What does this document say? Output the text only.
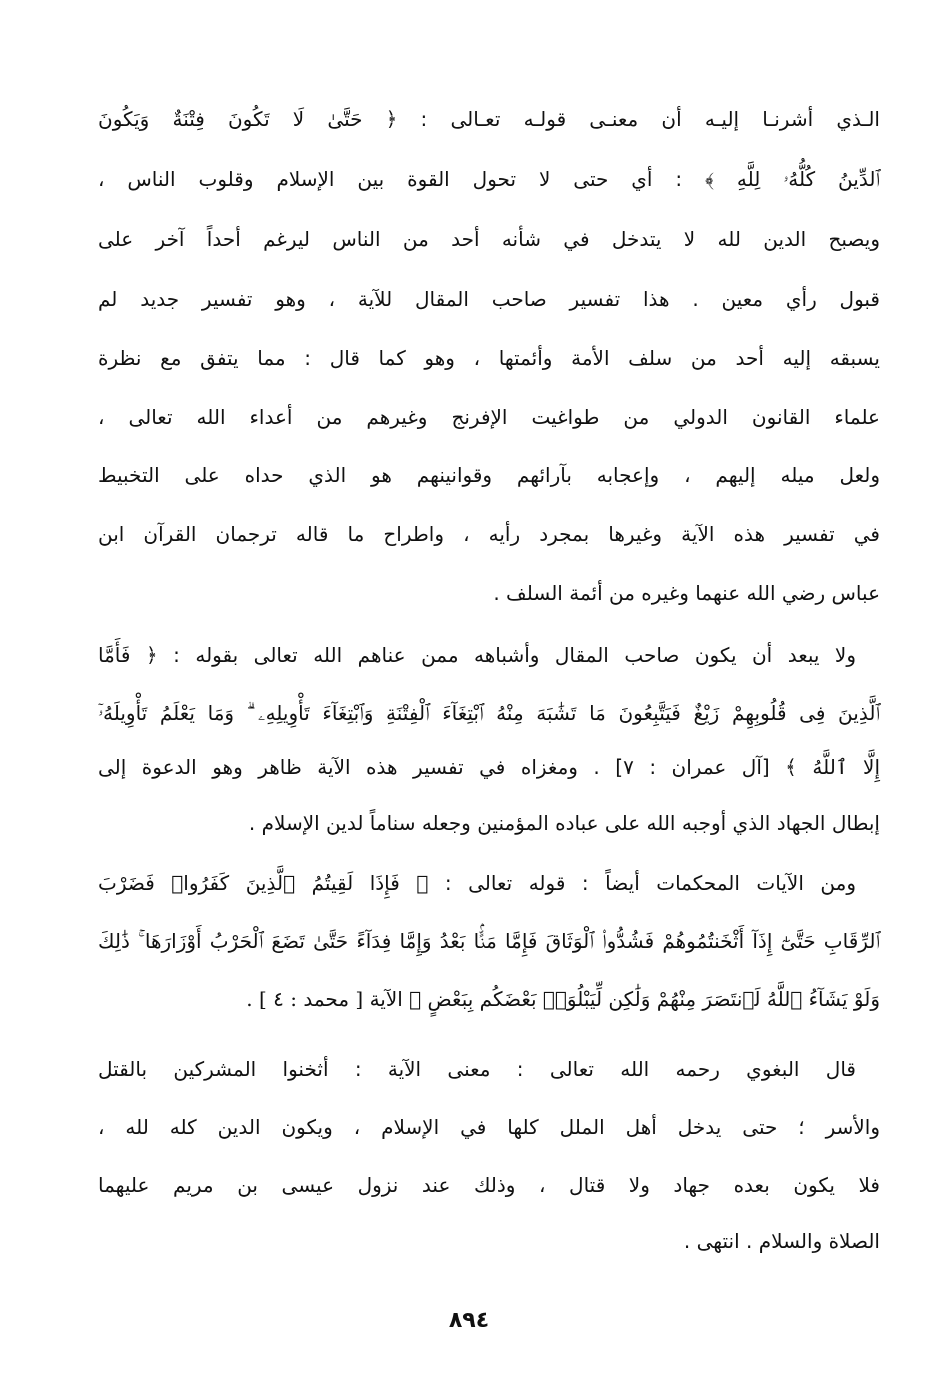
الـذي أشرنـا إليـه أن معنـى قولـه تعـالى : ﴿ حَتَّىٰ لَا تَكُونَ فِتْنَةٌ وَيَكُونَ
ٱلدِّينُ كُلُّهُۥ لِلَّهِ ﴾ : أي حتى لا تحول القوة بين الإسلام وقلوب الناس ،
ويصبح الدين لله لا يتدخل في شأنه أحد من الناس ليرغم أحداً آخر على
قبول رأي معين . هذا تفسير صاحب المقال للآية ، وهو تفسير جديد لم
يسبقه إليه أحد من سلف الأمة وأئمتها ، وهو كما قال : مما يتفق مع نظرة
علماء القانون الدولي من طواغيت الإفرنج وغيرهم من أعداء الله تعالى ،
ولعل ميله إليهم ، وإعجابه بآرائهم وقوانينهم هو الذي حداه على التخبيط
في تفسير هذه الآية وغيرها بمجرد رأيه ، واطراح ما قاله ترجمان القرآن ابن
عباس رضي الله عنهما وغيره من أئمة السلف .
ولا يبعد أن يكون صاحب المقال وأشباهه ممن عناهم الله تعالى بقوله : ﴿ فَأَمَّا
ٱلَّذِينَ فِى قُلُوبِهِمْ زَيْغٌ فَيَتَّبِعُونَ مَا تَشَٰبَهَ مِنْهُ ٱبْتِغَآءَ ٱلْفِتْنَةِ وَٱبْتِغَآءَ تَأْوِيلِهِۦ ۗ وَمَا يَعْلَمُ تَأْوِيلَهُۥٓ
إِلَّا ٱللَّهُ ﴾ [آل عمران : ٧] . ومغزاه في تفسير هذه الآية ظاهر وهو الدعوة إلى
إبطال الجهاد الذي أوجبه الله على عباده المؤمنين وجعله سناماً لدين الإسلام .
ومن الآيات المحكمات أيضاً : قوله تعالى : ﴿ فَإِذَا لَقِيتُمُ ٱلَّذِينَ كَفَرُوا۟ فَضَرْبَ
ٱلرِّقَابِ حَتَّىٰٓ إِذَآ أَثْخَنتُمُوهُمْ فَشُدُّوا۟ ٱلْوَثَاقَ فَإِمَّا مَنًّۢا بَعْدُ وَإِمَّا فِدَآءً حَتَّىٰ تَضَعَ ٱلْحَرْبُ أَوْزَارَهَا ۚ ذَٰلِكَ
وَلَوْ يَشَآءُ ٱللَّهُ لَٱنتَصَرَ مِنْهُمْ وَلَٰكِن لِّيَبْلُوَا۟ بَعْضَكُم بِبَعْضٍ ﴾ الآية [ محمد : ٤ ] .
قال البغوي رحمه الله تعالى : معنى الآية : أثخنوا المشركين بالقتل
والأسر ؛ حتى يدخل أهل الملل كلها في الإسلام ، ويكون الدين كله لله ،
فلا يكون بعده جهاد ولا قتال ، وذلك عند نزول عيسى بن مريم عليهما
الصلاة والسلام . انتهى .
٨٩٤
